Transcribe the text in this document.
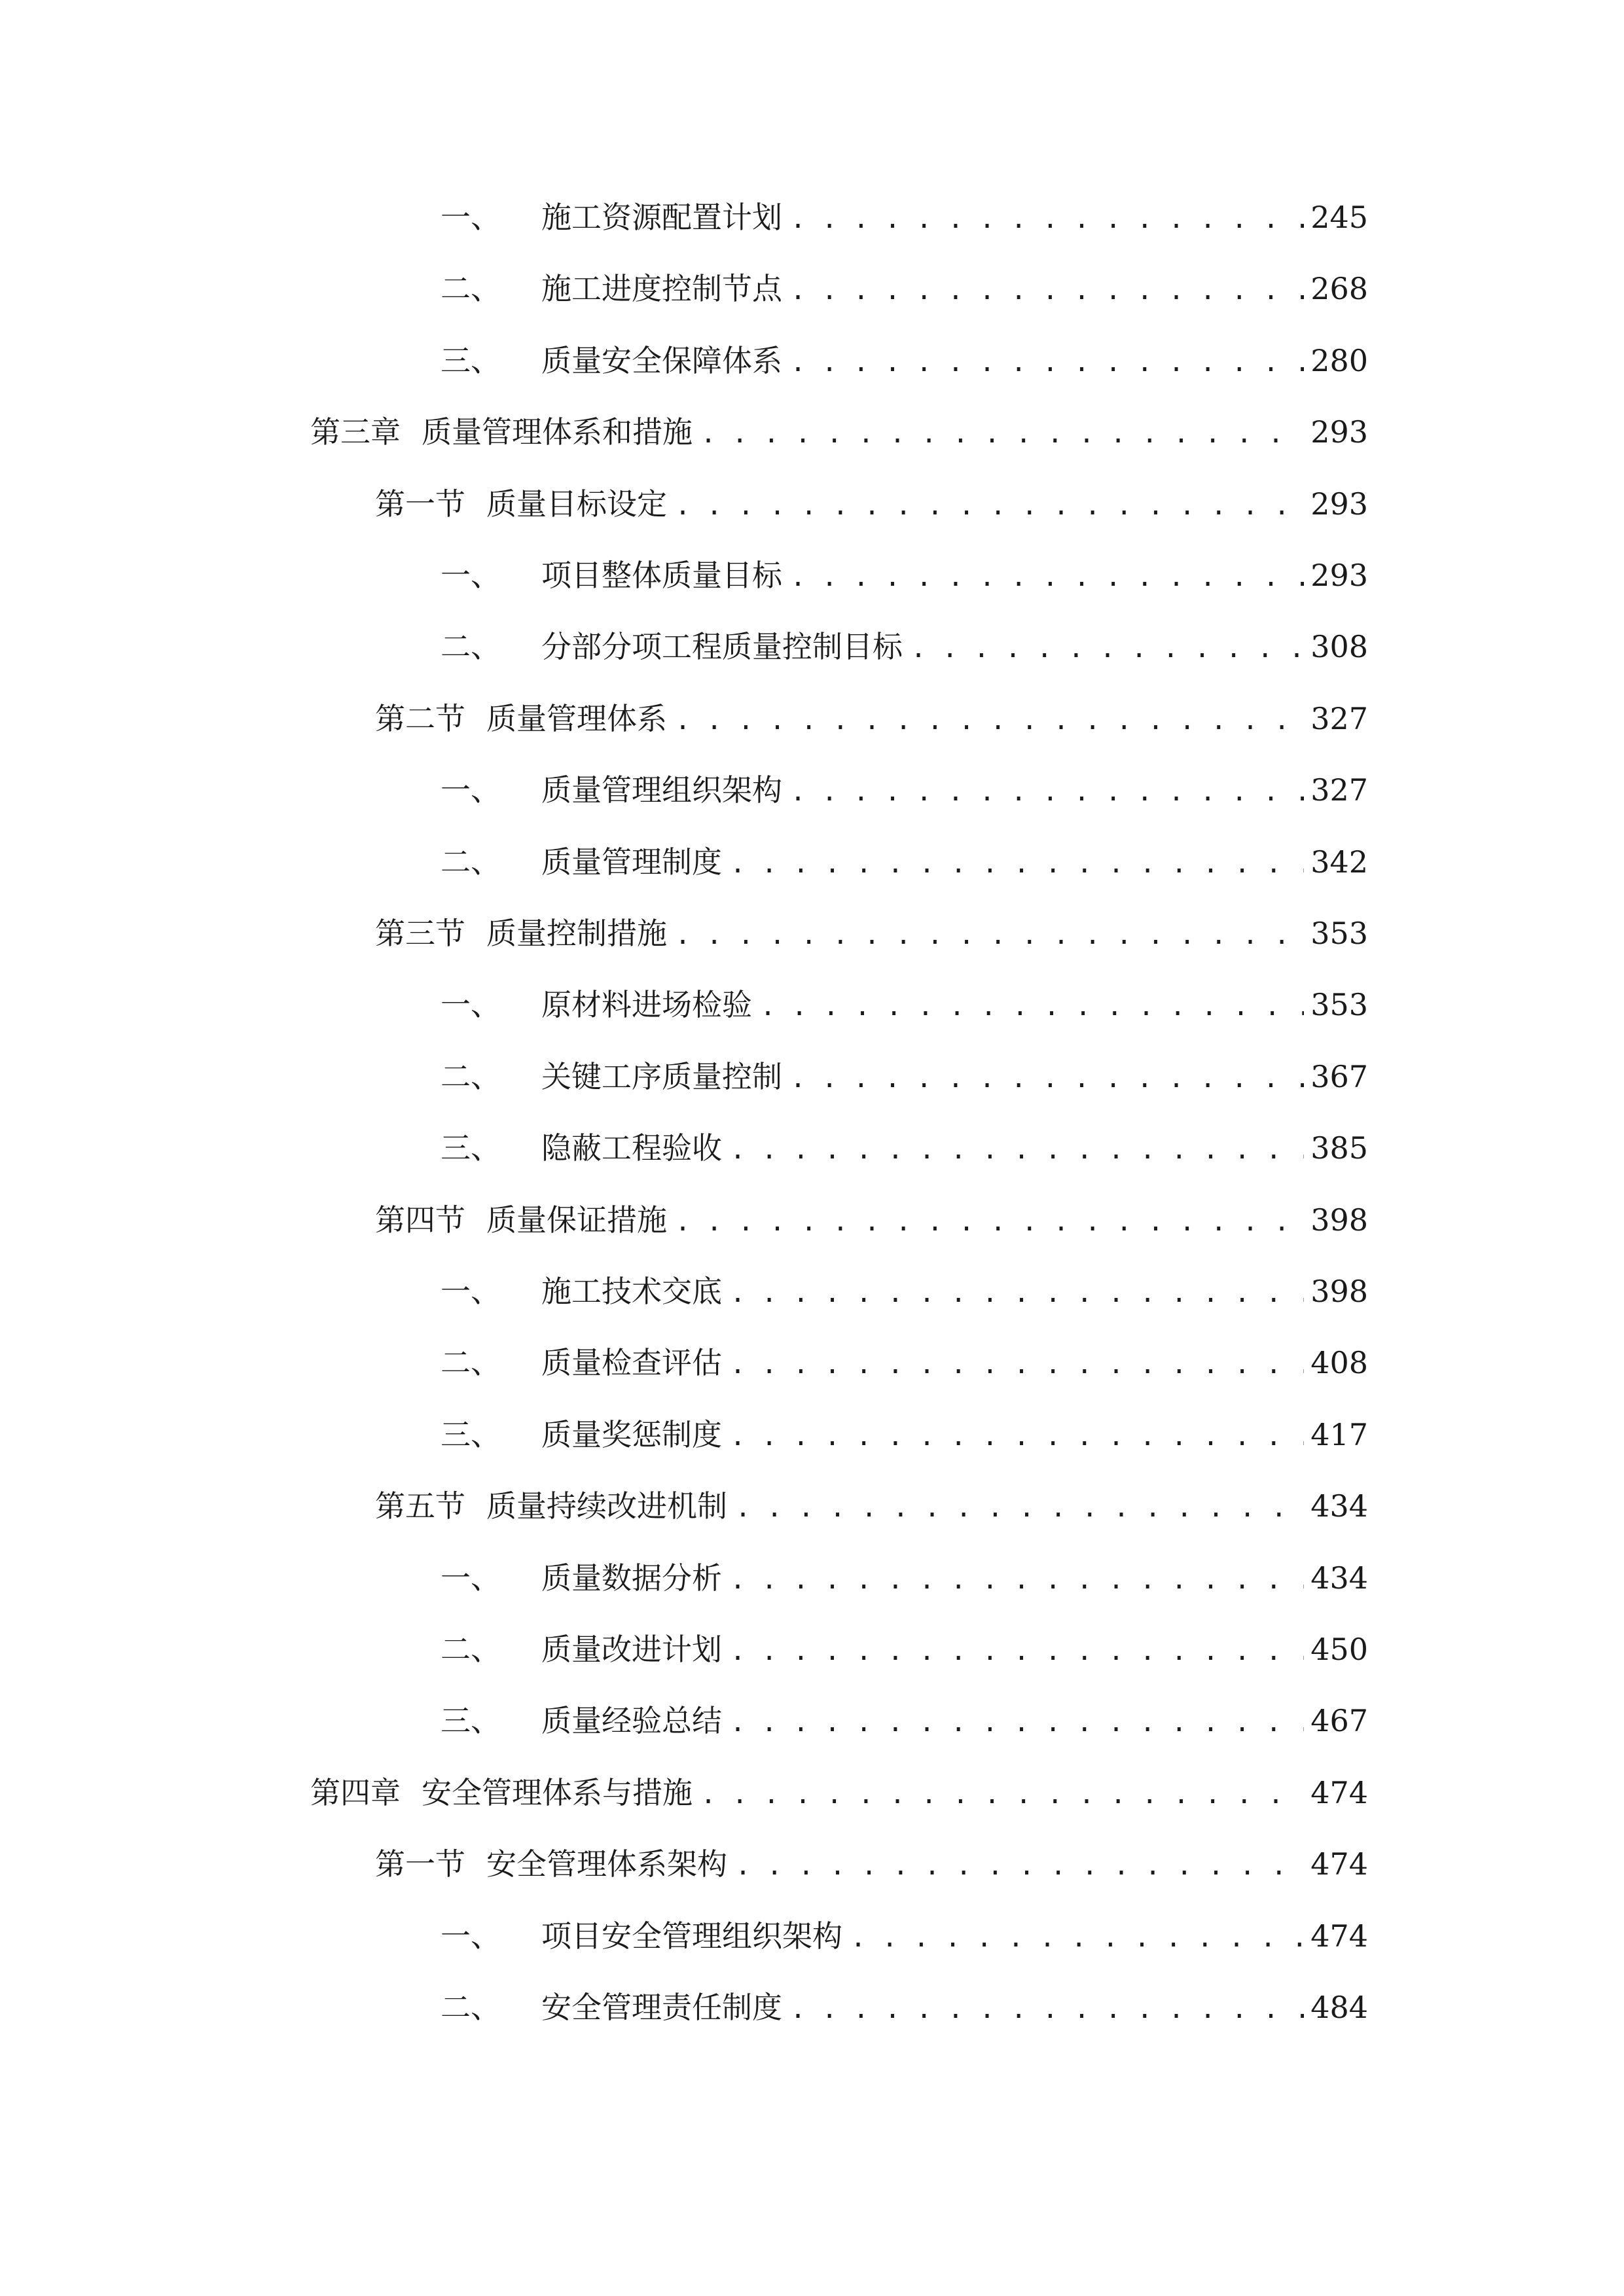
一、 施工资源配置计划 . . .	245
二、 施工进度控制节点 . . .	268
三、 质量安全保障体系 . . .	280
第三章 质量管理体系和措施 . . .	293
第一节 质量目标设定 . . .	293
一、 项目整体质量目标 . . .	293
二、 分部分项工程质量控制目标 . . .	308
第二节 质量管理体系 . . .	327
一、 质量管理组织架构 . . .	327
二、 质量管理制度 . . .	342
第三节 质量控制措施 . . .	353
一、 原材料进场检验 . . .	353
二、 关键工序质量控制 . . .	367
三、 隐蔽工程验收 . . .	385
第四节 质量保证措施 . . .	398
一、 施工技术交底 . . .	398
二、 质量检查评估 . . .	408
三、 质量奖惩制度 . . .	417
第五节 质量持续改进机制 . . .	434
一、 质量数据分析 . . .	434
二、 质量改进计划 . . .	450
三、 质量经验总结 . . .	467
第四章 安全管理体系与措施 . . .	474
第一节 安全管理体系架构 . . .	474
一、 项目安全管理组织架构 . . .	474
二、 安全管理责任制度 . . .	484
